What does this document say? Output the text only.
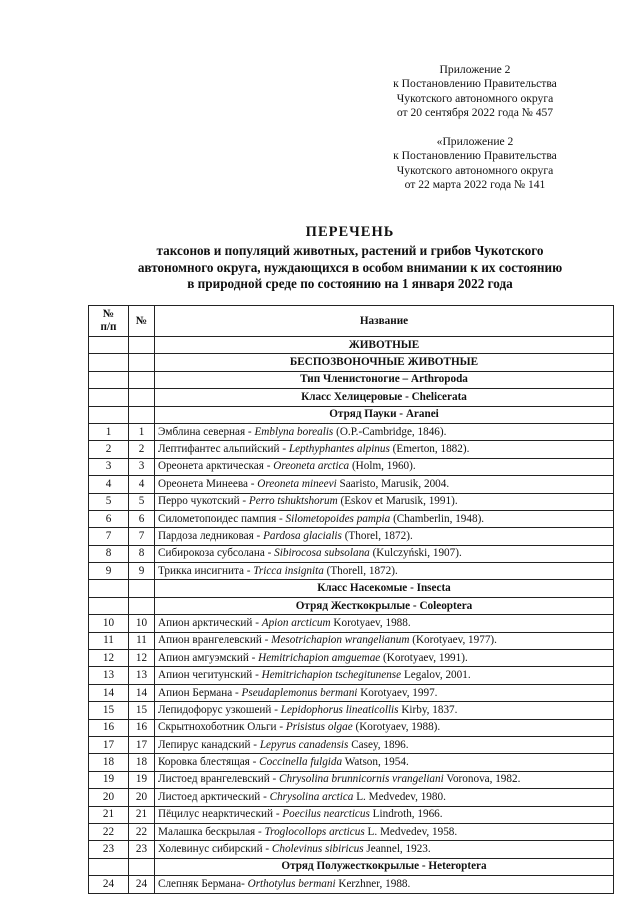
Приложение 2
к Постановлению Правительства
Чукотского автономного округа
от 20 сентября 2022 года № 457
«Приложение 2
к Постановлению Правительства
Чукотского автономного округа
от 22 марта 2022 года № 141
ПЕРЕЧЕНЬ
таксонов и популяций животных, растений и грибов Чукотского
автономного округа, нуждающихся в особом внимании к их состоянию
в природной среде по состоянию на 1 января 2022 года
№
п/п	№	Название
		ЖИВОТНЫЕ
		БЕСПОЗВОНОЧНЫЕ ЖИВОТНЫЕ
		Тип Членистоногие – Arthropoda
		Класс Хелицеровые - Chelicerata
		Отряд Пауки - Araneі
1	1	Эмблина северная - Emblyna borealis (O.P.-Cambridge, 1846).
2	2	Лептифантес альпийский - Lepthyphantes alpinus (Emerton, 1882).
3	3	Ореонета арктическая - Oreoneta arctica (Holm, 1960).
4	4	Ореонета Минеева - Oreoneta mineevi Saaristo, Marusik, 2004.
5	5	Перро чукотский - Perro tshuktshorum (Eskov et Marusik, 1991).
6	6	Силометопоидес пампия - Silometopoides pampia (Chamberlin, 1948).
7	7	Пардоза ледниковая - Pardosa glacialis (Thorel, 1872).
8	8	Сибирокоза субсолана - Sibirocosa subsolana (Kulczyński, 1907).
9	9	Трикка инсигнита - Tricca insignita (Thorell, 1872).
		Класс Насекомые - Insecta
		Отряд Жесткокрылые - Coleoptera
10	10	Апион арктический - Apion arcticum Korotyaev, 1988.
11	11	Апион врангелевский - Mesotrichapion wrangelianum (Korotyaev, 1977).
12	12	Апион амгуэмский - Hemitrichapion amguemae (Korotyaev, 1991).
13	13	Апион чегитунский - Hemitrichapion tschegitunense Legalov, 2001.
14	14	Апион Бермана - Pseudaplemonus bermani Korotyaev, 1997.
15	15	Лепидофорус узкошеий - Lepidophorus lineaticollis Kirby, 1837.
16	16	Скрытнохоботник Ольги - Prisistus olgae (Korotyaev, 1988).
17	17	Лепирус канадский - Lepyrus canadensis Casey, 1896.
18	18	Коровка блестящая - Coccinella fulgida Watson, 1954.
19	19	Листоед врангелевский - Chrysolina brunnicornis vrangeliani Voronova, 1982.
20	20	Листоед арктический - Chrysolina arctica L. Medvedev, 1980.
21	21	Пёцилус неарктический - Poecilus nearcticus Lindroth, 1966.
22	22	Малашка бескрылая - Troglocollops arcticus L. Medvedev, 1958.
23	23	Холевинус сибирский - Cholevinus sibiricus Jeannel, 1923.
		Отряд Полужесткокрылые - Heteroptera
24	24	Слепняк Бермана- Orthotylus bermani Kerzhner, 1988.
